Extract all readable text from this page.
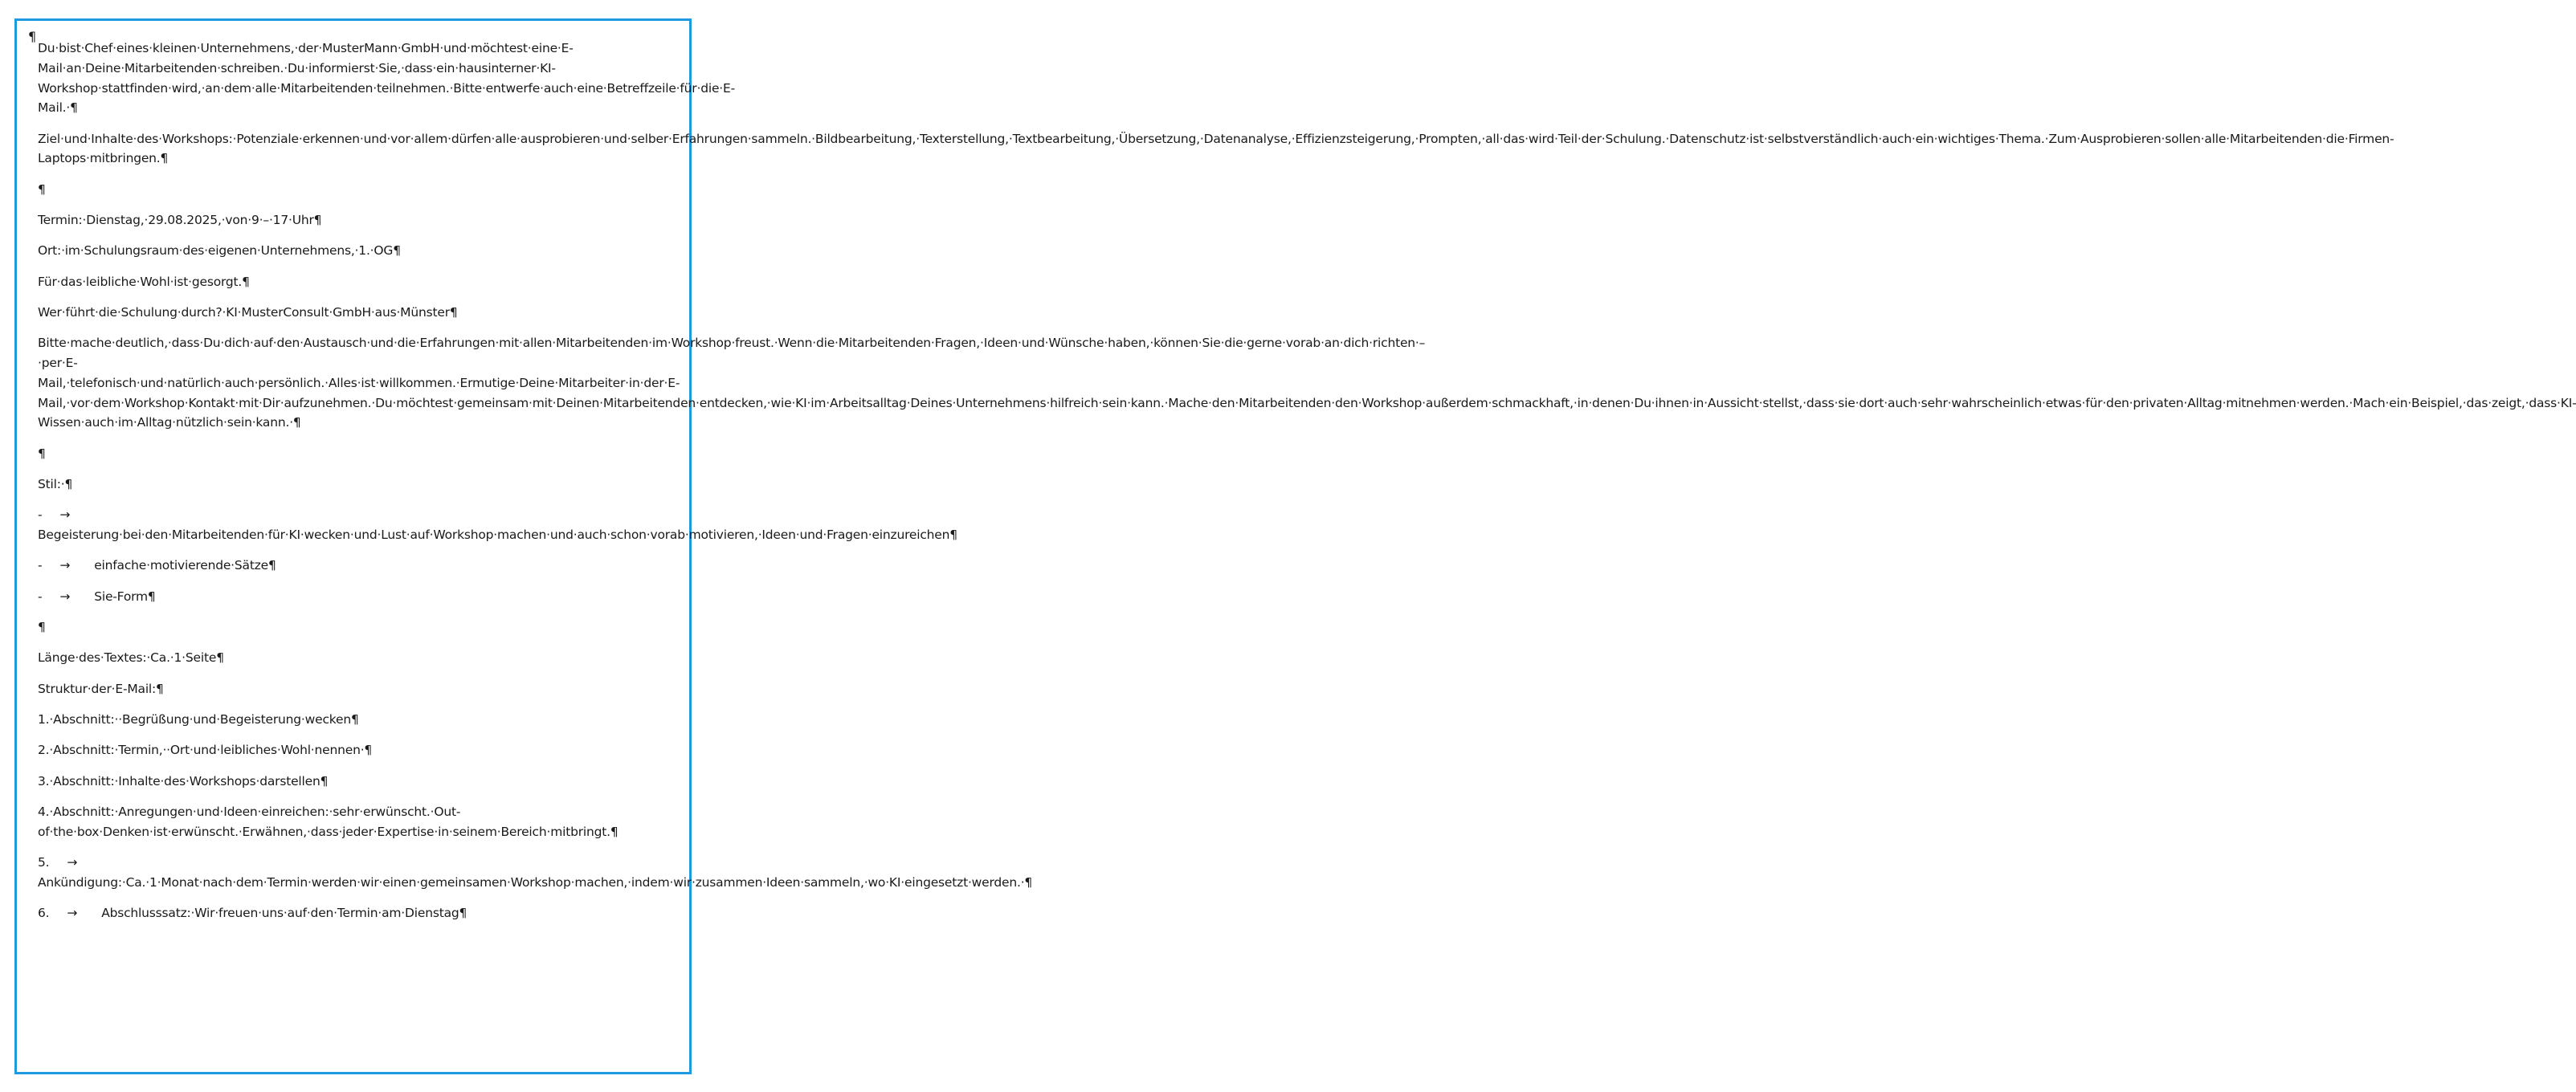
¶

Du·bist·Chef·eines·kleinen·Unternehmens,·der·MusterMann·GmbH·und·möchtest·eine·E-Mail·an·Deine·Mitarbeitenden·schreiben.·Du·informierst·Sie,·dass·ein·hausinterner·KI-Workshop·stattfinden·wird,·an·dem·alle·Mitarbeitenden·teilnehmen.·Bitte·entwerfe·auch·eine·Betreffzeile·für·die·E-Mail.·¶

Ziel·und·Inhalte·des·Workshops:·Potenziale·erkennen·und·vor·allem·dürfen·alle·ausprobieren·und·selber·Erfahrungen·sammeln.·Bildbearbeitung,·Texterstellung,·Textbearbeitung,·Übersetzung,·Datenanalyse,·Effizienzsteigerung,·Prompten,·all·das·wird·Teil·der·Schulung.·Datenschutz·ist·selbstverständlich·auch·ein·wichtiges·Thema.·Zum·Ausprobieren·sollen·alle·Mitarbeitenden·die·Firmen-Laptops·mitbringen.¶

¶

Termin:·Dienstag,·29.08.2025,·von·9·–·17·Uhr¶

Ort:·im·Schulungsraum·des·eigenen·Unternehmens,·1.·OG¶

Für·das·leibliche·Wohl·ist·gesorgt.¶

Wer·führt·die·Schulung·durch?·KI·MusterConsult·GmbH·aus·Münster¶

Bitte·mache·deutlich,·dass·Du·dich·auf·den·Austausch·und·die·Erfahrungen·mit·allen·Mitarbeitenden·im·Workshop·freust.·Wenn·die·Mitarbeitenden·Fragen,·Ideen·und·Wünsche·haben,·können·Sie·die·gerne·vorab·an·dich·richten·–·per·E-Mail,·telefonisch·und·natürlich·auch·persönlich.·Alles·ist·willkommen.·Ermutige·Deine·Mitarbeiter·in·der·E-Mail,·vor·dem·Workshop·Kontakt·mit·Dir·aufzunehmen.·Du·möchtest·gemeinsam·mit·Deinen·Mitarbeitenden·entdecken,·wie·KI·im·Arbeitsalltag·Deines·Unternehmens·hilfreich·sein·kann.·Mache·den·Mitarbeitenden·den·Workshop·außerdem·schmackhaft,·in·denen·Du·ihnen·in·Aussicht·stellst,·dass·sie·dort·auch·sehr·wahrscheinlich·etwas·für·den·privaten·Alltag·mitnehmen·werden.·Mach·ein·Beispiel,·das·zeigt,·dass·KI-Wissen·auch·im·Alltag·nützlich·sein·kann.·¶

¶

Stil:·¶

- →Begeisterung·bei·den·Mitarbeitenden·für·KI·wecken·und·Lust·auf·Workshop·machen·und·auch·schon·vorab·motivieren,·Ideen·und·Fragen·einzureichen¶

- → einfache·motivierende·Sätze¶

- → Sie-Form¶

¶

Länge·des·Textes:·Ca.·1·Seite¶

Struktur·der·E-Mail:¶

1.·Abschnitt:··Begrüßung·und·Begeisterung·wecken¶

2.·Abschnitt:·Termin,··Ort·und·leibliches·Wohl·nennen·¶

3.·Abschnitt:·Inhalte·des·Workshops·darstellen¶

4.·Abschnitt:·Anregungen·und·Ideen·einreichen:·sehr·erwünscht.·Out-of·the·box·Denken·ist·erwünscht.·Erwähnen,·dass·jeder·Expertise·in·seinem·Bereich·mitbringt.¶

5. →Ankündigung:·Ca.·1·Monat·nach·dem·Termin·werden·wir·einen·gemeinsamen·Workshop·machen,·indem·wir·zusammen·Ideen·sammeln,·wo·KI·eingesetzt·werden.·¶

6. → Abschlusssatz:·Wir·freuen·uns·auf·den·Termin·am·Dienstag¶
